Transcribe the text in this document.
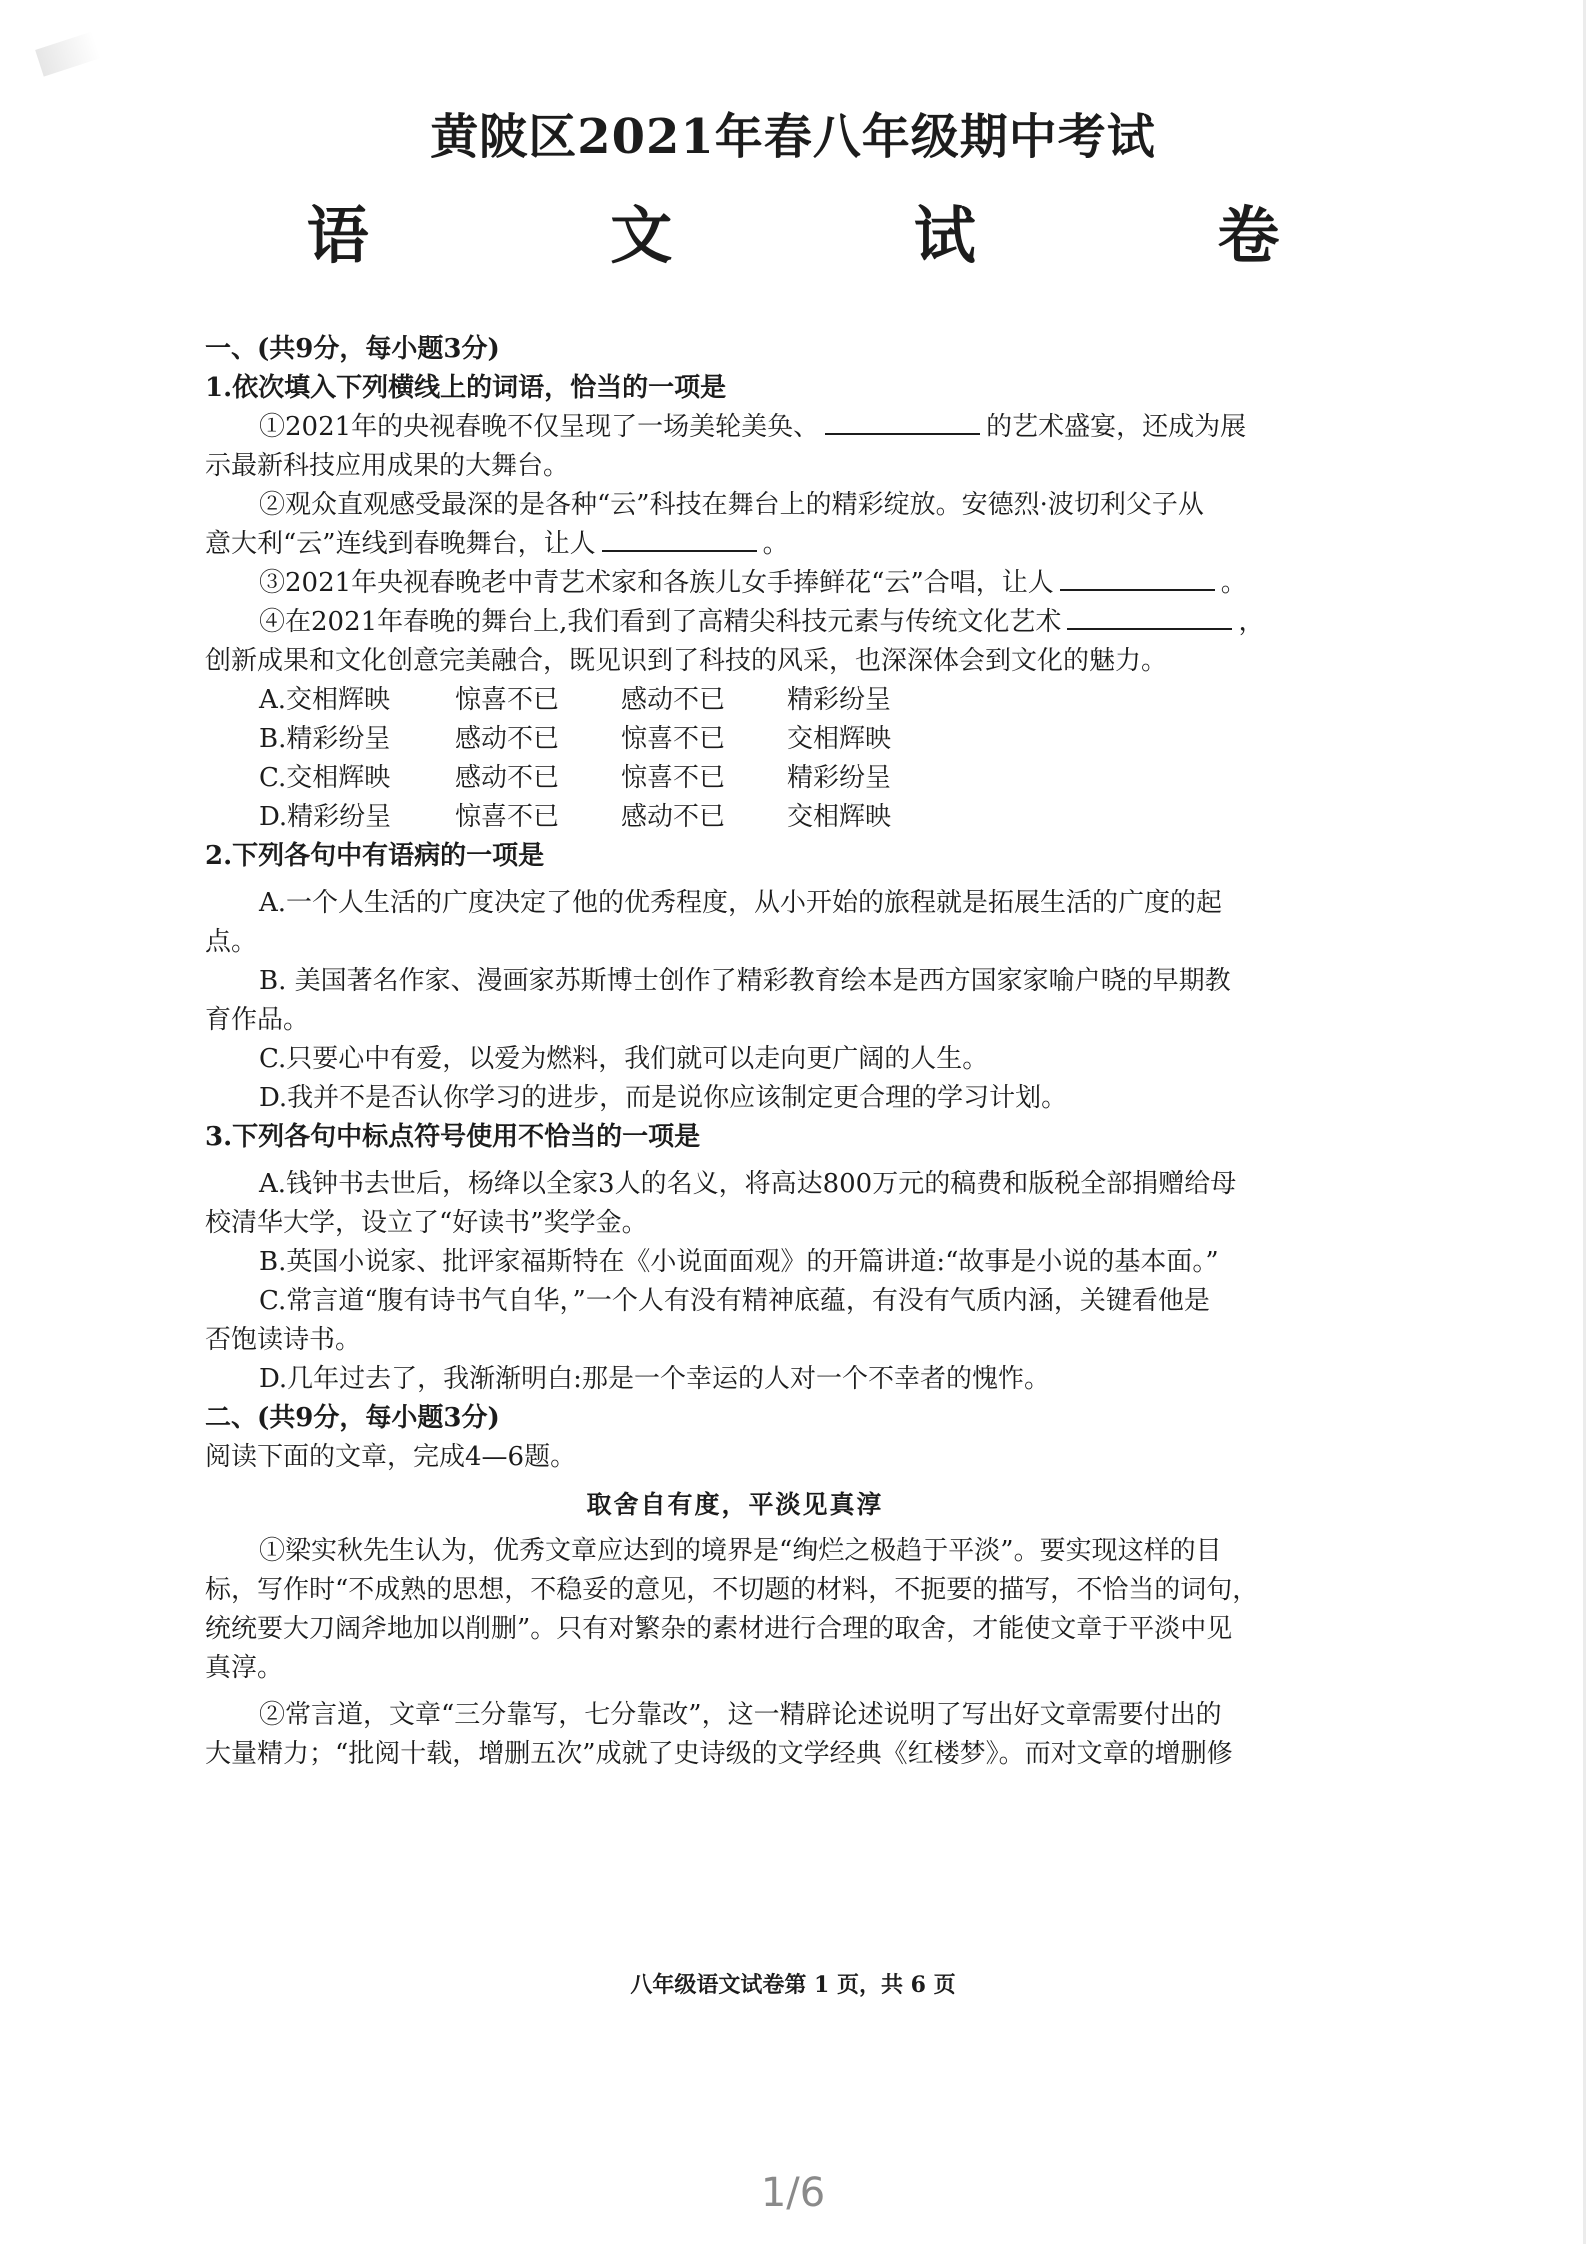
黄陂区2021年春八年级期中考试
语 文 试 卷
一、(共9分，每小题3分)
1.依次填入下列横线上的词语，恰当的一项是
①2021年的央视春晚不仅呈现了一场美轮美奂、	的艺术盛宴，还成为展
示最新科技应用成果的大舞台。
②观众直观感受最深的是各种“云”科技在舞台上的精彩绽放。安德烈·波切利父子从
意大利“云”连线到春晚舞台，让人	。
③2021年央视春晚老中青艺术家和各族儿女手捧鲜花“云”合唱，让人	。
④在2021年春晚的舞台上,我们看到了高精尖科技元素与传统文化艺术	，
创新成果和文化创意完美融合，既见识到了科技的风采，也深深体会到文化的魅力。
A.交相辉映	惊喜不已	感动不已	精彩纷呈
B.精彩纷呈	感动不已	惊喜不已	交相辉映
C.交相辉映	感动不已	惊喜不已	精彩纷呈
D.精彩纷呈	惊喜不已	感动不已	交相辉映
2.下列各句中有语病的一项是
A.一个人生活的广度决定了他的优秀程度，从小开始的旅程就是拓展生活的广度的起
点。
B. 美国著名作家、漫画家苏斯博士创作了精彩教育绘本是西方国家家喻户晓的早期教
育作品。
C.只要心中有爱，以爱为燃料，我们就可以走向更广阔的人生。
D.我并不是否认你学习的进步，而是说你应该制定更合理的学习计划。
3.下列各句中标点符号使用不恰当的一项是
A.钱钟书去世后，杨绛以全家3人的名义，将高达800万元的稿费和版税全部捐赠给母
校清华大学，设立了“好读书”奖学金。
B.英国小说家、批评家福斯特在《小说面面观》的开篇讲道:“故事是小说的基本面。”
C.常言道“腹有诗书气自华，”一个人有没有精神底蕴，有没有气质内涵，关键看他是
否饱读诗书。
D.几年过去了，我渐渐明白:那是一个幸运的人对一个不幸者的愧怍。
二、(共9分，每小题3分)
阅读下面的文章，完成4—6题。
取舍自有度，平淡见真淳
①梁实秋先生认为，优秀文章应达到的境界是“绚烂之极趋于平淡”。要实现这样的目
标，写作时“不成熟的思想，不稳妥的意见，不切题的材料，不扼要的描写，不恰当的词句，
统统要大刀阔斧地加以削删”。只有对繁杂的素材进行合理的取舍，才能使文章于平淡中见
真淳。
②常言道，文章“三分靠写，七分靠改”，这一精辟论述说明了写出好文章需要付出的
大量精力；“批阅十载，增删五次”成就了史诗级的文学经典《红楼梦》。而对文章的增删修
八年级语文试卷第 1 页，共 6 页
1/6
